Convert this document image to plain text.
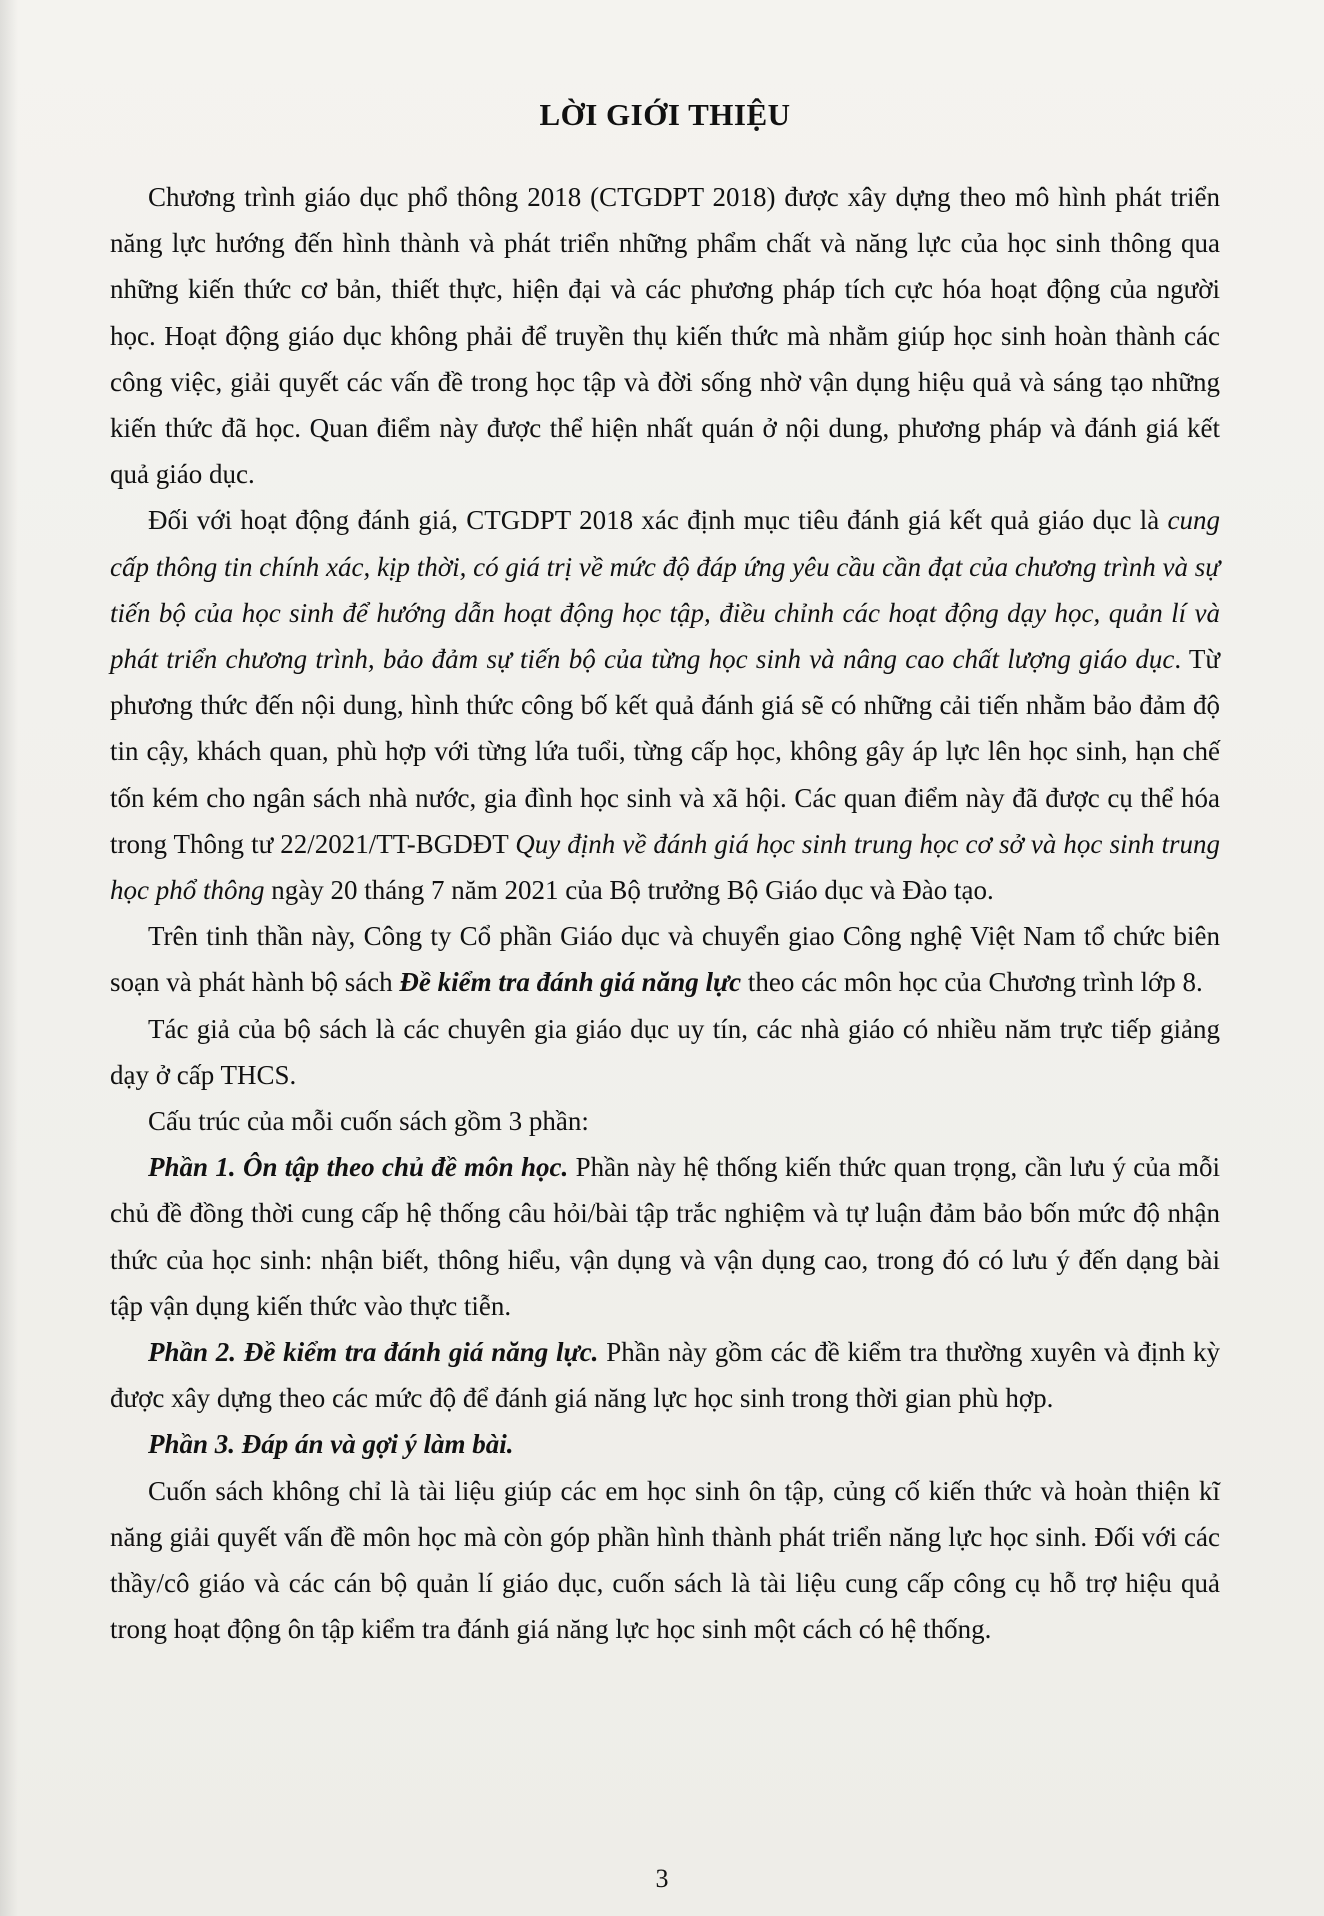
LỜI GIỚI THIỆU

Chương trình giáo dục phổ thông 2018 (CTGDPT 2018) được xây dựng theo mô hình phát triển năng lực hướng đến hình thành và phát triển những phẩm chất và năng lực của học sinh thông qua những kiến thức cơ bản, thiết thực, hiện đại và các phương pháp tích cực hóa hoạt động của người học. Hoạt động giáo dục không phải để truyền thụ kiến thức mà nhằm giúp học sinh hoàn thành các công việc, giải quyết các vấn đề trong học tập và đời sống nhờ vận dụng hiệu quả và sáng tạo những kiến thức đã học. Quan điểm này được thể hiện nhất quán ở nội dung, phương pháp và đánh giá kết quả giáo dục.

Đối với hoạt động đánh giá, CTGDPT 2018 xác định mục tiêu đánh giá kết quả giáo dục là cung cấp thông tin chính xác, kịp thời, có giá trị về mức độ đáp ứng yêu cầu cần đạt của chương trình và sự tiến bộ của học sinh để hướng dẫn hoạt động học tập, điều chỉnh các hoạt động dạy học, quản lí và phát triển chương trình, bảo đảm sự tiến bộ của từng học sinh và nâng cao chất lượng giáo dục. Từ phương thức đến nội dung, hình thức công bố kết quả đánh giá sẽ có những cải tiến nhằm bảo đảm độ tin cậy, khách quan, phù hợp với từng lứa tuổi, từng cấp học, không gây áp lực lên học sinh, hạn chế tốn kém cho ngân sách nhà nước, gia đình học sinh và xã hội. Các quan điểm này đã được cụ thể hóa trong Thông tư 22/2021/TT-BGDĐT Quy định về đánh giá học sinh trung học cơ sở và học sinh trung học phổ thông ngày 20 tháng 7 năm 2021 của Bộ trưởng Bộ Giáo dục và Đào tạo.

Trên tinh thần này, Công ty Cổ phần Giáo dục và chuyển giao Công nghệ Việt Nam tổ chức biên soạn và phát hành bộ sách Đề kiểm tra đánh giá năng lực theo các môn học của Chương trình lớp 8.

Tác giả của bộ sách là các chuyên gia giáo dục uy tín, các nhà giáo có nhiều năm trực tiếp giảng dạy ở cấp THCS.

Cấu trúc của mỗi cuốn sách gồm 3 phần:

Phần 1. Ôn tập theo chủ đề môn học. Phần này hệ thống kiến thức quan trọng, cần lưu ý của mỗi chủ đề đồng thời cung cấp hệ thống câu hỏi/bài tập trắc nghiệm và tự luận đảm bảo bốn mức độ nhận thức của học sinh: nhận biết, thông hiểu, vận dụng và vận dụng cao, trong đó có lưu ý đến dạng bài tập vận dụng kiến thức vào thực tiễn.

Phần 2. Đề kiểm tra đánh giá năng lực. Phần này gồm các đề kiểm tra thường xuyên và định kỳ được xây dựng theo các mức độ để đánh giá năng lực học sinh trong thời gian phù hợp.

Phần 3. Đáp án và gợi ý làm bài.

Cuốn sách không chỉ là tài liệu giúp các em học sinh ôn tập, củng cố kiến thức và hoàn thiện kĩ năng giải quyết vấn đề môn học mà còn góp phần hình thành phát triển năng lực học sinh. Đối với các thầy/cô giáo và các cán bộ quản lí giáo dục, cuốn sách là tài liệu cung cấp công cụ hỗ trợ hiệu quả trong hoạt động ôn tập kiểm tra đánh giá năng lực học sinh một cách có hệ thống.

3
